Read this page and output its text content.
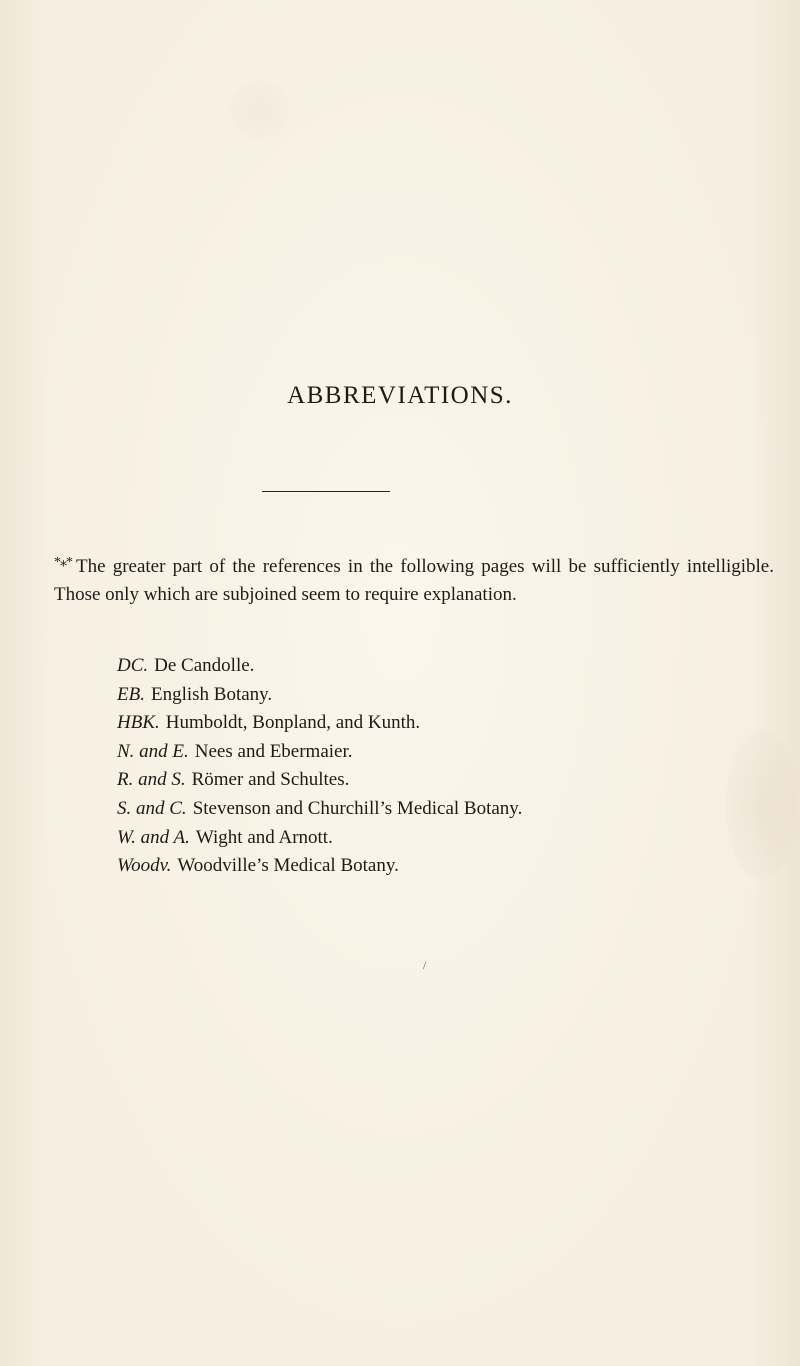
ABBREVIATIONS.

*⁎* The greater part of the references in the following pages will be sufficiently intelligible. Those only which are subjoined seem to require explanation.

DC. De Candolle.
EB. English Botany.
HBK. Humboldt, Bonpland, and Kunth.
N. and E. Nees and Ebermaier.
R. and S. Römer and Schultes.
S. and C. Stevenson and Churchill’s Medical Botany.
W. and A. Wight and Arnott.
Woodv. Woodville’s Medical Botany.
/
